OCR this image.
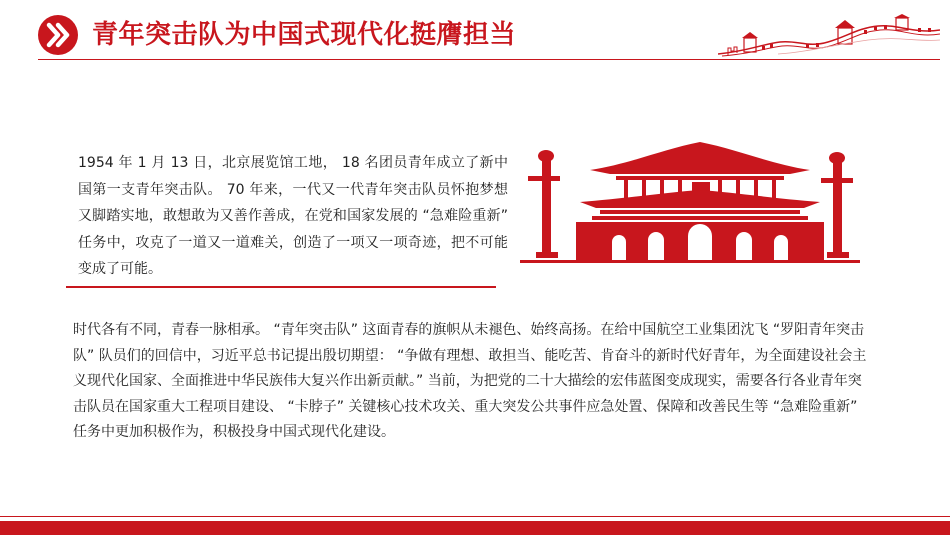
青年突击队为中国式现代化挺膺担当

1954 年 1 月 13 日，北京展览馆工地， 18 名团员青年成立了新中国第一支青年突击队。 70 年来，一代又一代青年突击队员怀抱梦想又脚踏实地，敢想敢为又善作善成，在党和国家发展的 “急难险重新” 任务中，攻克了一道又一道难关，创造了一项又一项奇迹，把不可能变成了可能。

时代各有不同，青春一脉相承。 “青年突击队” 这面青春的旗帜从未褪色、始终高扬。在给中国航空工业集团沈飞 “罗阳青年突击队” 队员们的回信中，习近平总书记提出殷切期望： “争做有理想、敢担当、能吃苦、肯奋斗的新时代好青年，为全面建设社会主义现代化国家、全面推进中华民族伟大复兴作出新贡献。” 当前，为把党的二十大描绘的宏伟蓝图变成现实，需要各行各业青年突击队员在国家重大工程项目建设、 “卡脖子” 关键核心技术攻关、重大突发公共事件应急处置、保障和改善民生等 “急难险重新” 任务中更加积极作为，积极投身中国式现代化建设。
